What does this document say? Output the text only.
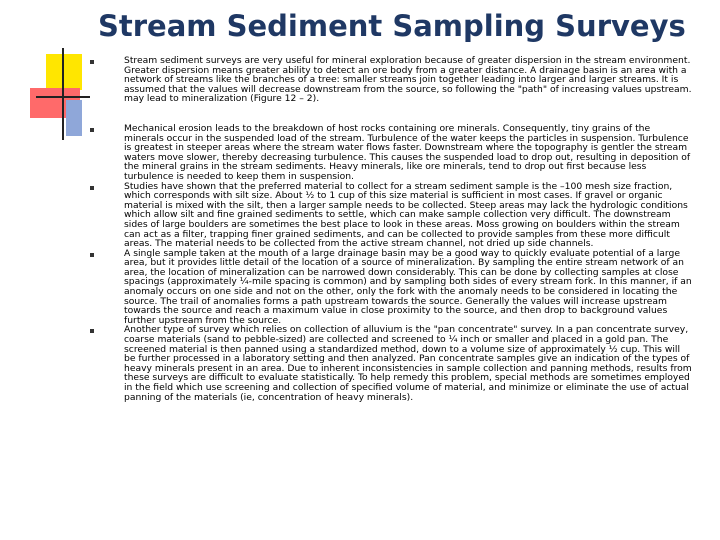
Stream Sediment Sampling Surveys
Stream sediment surveys are very useful for mineral exploration because of greater dispersion in the stream environment. Greater dispersion means greater ability to detect an ore body from a greater distance. A drainage basin is an area with a network of streams like the branches of a tree: smaller streams join together leading into larger and larger streams. It is assumed that the values will decrease downstream from the source, so following the "path" of increasing values upstream. may lead to mineralization (Figure 12 – 2).
Mechanical erosion leads to the breakdown of host rocks containing ore minerals. Consequently, tiny grains of the minerals occur in the suspended load of the stream. Turbulence of the water keeps the particles in suspension. Turbulence is greatest in steeper areas where the stream water flows faster. Downstream where the topography is gentler the stream waters move slower, thereby decreasing turbulence. This causes the suspended load to drop out, resulting in deposition of the mineral grains in the stream sediments. Heavy minerals, like ore minerals, tend to drop out first because less turbulence is needed to keep them in suspension.
Studies have shown that the preferred material to collect for a stream sediment sample is the –100 mesh size fraction, which corresponds with silt size. About ½ to 1 cup of this size material is sufficient in most cases. If gravel or organic material is mixed with the silt, then a larger sample needs to be collected. Steep areas may lack the hydrologic conditions which allow silt and fine grained sediments to settle, which can make sample collection very difficult. The downstream sides of large boulders are sometimes the best place to look in these areas. Moss growing on boulders within the stream can act as a filter, trapping finer grained sediments, and can be collected to provide samples from these more difficult areas. The material needs to be collected from the active stream channel, not dried up side channels.
A single sample taken at the mouth of a large drainage basin may be a good way to quickly evaluate potential of a large area, but it provides little detail of the location of a source of mineralization. By sampling the entire stream network of an area, the location of mineralization can be narrowed down considerably. This can be done by collecting samples at close spacings (approximately ¼-mile spacing is common) and by sampling both sides of every stream fork. In this manner, if an anomaly occurs on one side and not on the other, only the fork with the anomaly needs to be considered in locating the source. The trail of anomalies forms a path upstream towards the source. Generally the values will increase upstream towards the source and reach a maximum value in close proximity to the source, and then drop to background values further upstream from the source.
Another type of survey which relies on collection of alluvium is the "pan concentrate" survey. In a pan concentrate survey, coarse materials (sand to pebble-sized) are collected and screened to ¼ inch or smaller and placed in a gold pan. The screened material is then panned using a standardized method, down to a volume size of approximately ½ cup. This will be further processed in a laboratory setting and then analyzed. Pan concentrate samples give an indication of the types of heavy minerals present in an area. Due to inherent inconsistencies in sample collection and panning methods, results from these surveys are difficult to evaluate statistically. To help remedy this problem, special methods are sometimes employed in the field which use screening and collection of specified volume of material, and minimize or eliminate the use of actual panning of the materials (ie, concentration of heavy minerals).
